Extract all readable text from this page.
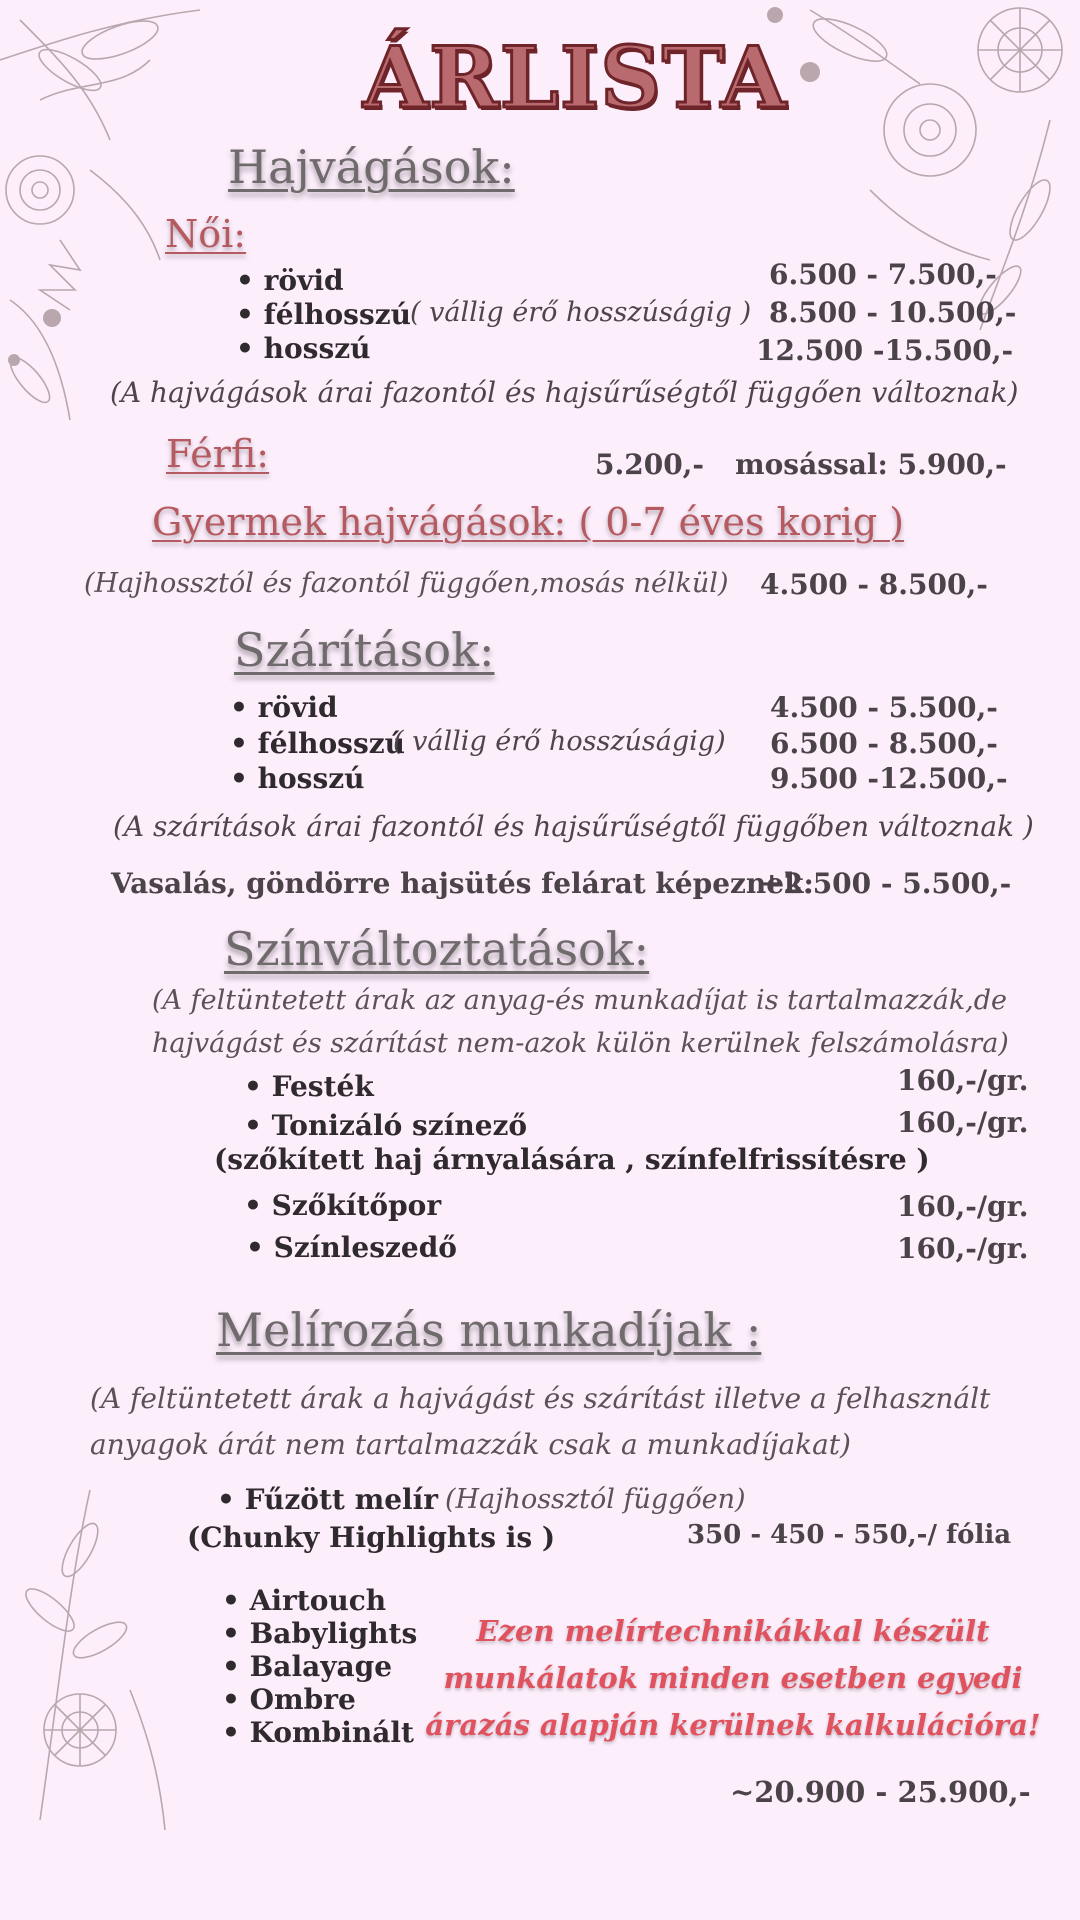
ÁRLISTA
Hajvágások:
Női:
• rövid	6.500 - 7.500,-
• félhosszú ( vállig érő hosszúságig ) 8.500 - 10.500,-
• hosszú	12.500 -15.500,-
(A hajvágások árai fazontól és hajsűrűségtől függően változnak)
Férfi:	5.200,- mosással: 5.900,-
Gyermek hajvágások: ( 0-7 éves korig )
(Hajhossztól és fazontól függően,mosás nélkül) 4.500 - 8.500,-
Szárítások:
• rövid	4.500 - 5.500,-
• félhosszú
( vállig érő hosszúságig) 6.500 - 8.500,-
• hosszú	9.500 -12.500,-
(A szárítások árai fazontól és hajsűrűségtől függőben változnak )
Vasalás, göndörre hajsütés felárat képeznek:
+2.500 - 5.500,-
Színváltoztatások:
(A feltüntetett árak az anyag-és munkadíjat is tartalmazzák,de
hajvágást és szárítást nem-azok külön kerülnek felszámolásra)
• Festék	160,-/gr.
• Tonizáló színező	160,-/gr.
(szőkített haj árnyalására , színfelfrissítésre )
• Szőkítőpor	160,-/gr.
• Színleszedő	160,-/gr.
Melírozás munkadíjak :
(A feltüntetett árak a hajvágást és szárítást illetve a felhasznált
anyagok árát nem tartalmazzák csak a munkadíjakat)
• Fűzött melír (Hajhossztól függően)
(Chunky Highlights is )	350 - 450 - 550,-/ fólia
• Airtouch
• Babylights
• Balayage
• Ombre
• Kombinált
Ezen melírtechnikákkal készült munkálatok minden esetben egyedi árazás alapján kerülnek kalkulációra!
~20.900 - 25.900,-
